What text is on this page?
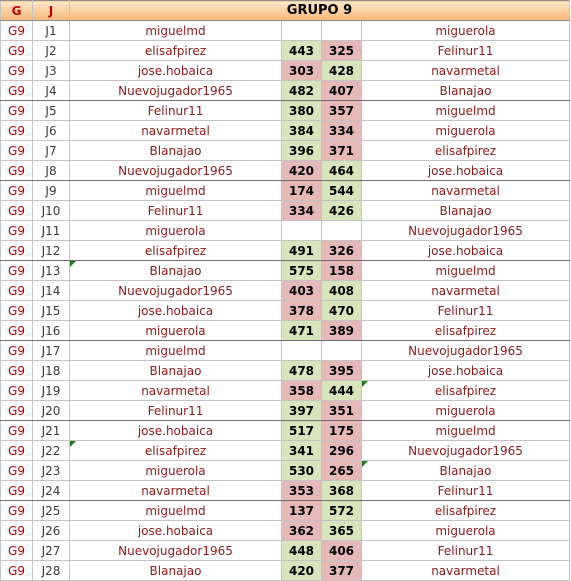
G	J	GRUPO 9			
G9	J1	miguelmd			miguerola
G9	J2	elisafpirez	443	325	Felinur11
G9	J3	jose.hobaica	303	428	navarmetal
G9	J4	Nuevojugador1965	482	407	Blanajao
G9	J5	Felinur11	380	357	miguelmd
G9	J6	navarmetal	384	334	miguerola
G9	J7	Blanajao	396	371	elisafpirez
G9	J8	Nuevojugador1965	420	464	jose.hobaica
G9	J9	miguelmd	174	544	navarmetal
G9	J10	Felinur11	334	426	Blanajao
G9	J11	miguerola			Nuevojugador1965
G9	J12	elisafpirez	491	326	jose.hobaica
G9	J13	Blanajao	575	158	miguelmd
G9	J14	Nuevojugador1965	403	408	navarmetal
G9	J15	jose.hobaica	378	470	Felinur11
G9	J16	miguerola	471	389	elisafpirez
G9	J17	miguelmd			Nuevojugador1965
G9	J18	Blanajao	478	395	jose.hobaica
G9	J19	navarmetal	358	444	elisafpirez

G9	J20	Felinur11	397	351	miguerola
G9	J21	jose.hobaica	517	175	miguelmd
G9	J22	elisafpirez	341	296	Nuevojugador1965
G9	J23	miguerola	530	265	Blanajao

G9	J24	navarmetal	353	368	Felinur11
G9	J25	miguelmd	137	572	elisafpirez
G9	J26	jose.hobaica	362	365	miguerola
G9	J27	Nuevojugador1965	448	406	Felinur11
G9	J28	Blanajao	420	377	navarmetal
